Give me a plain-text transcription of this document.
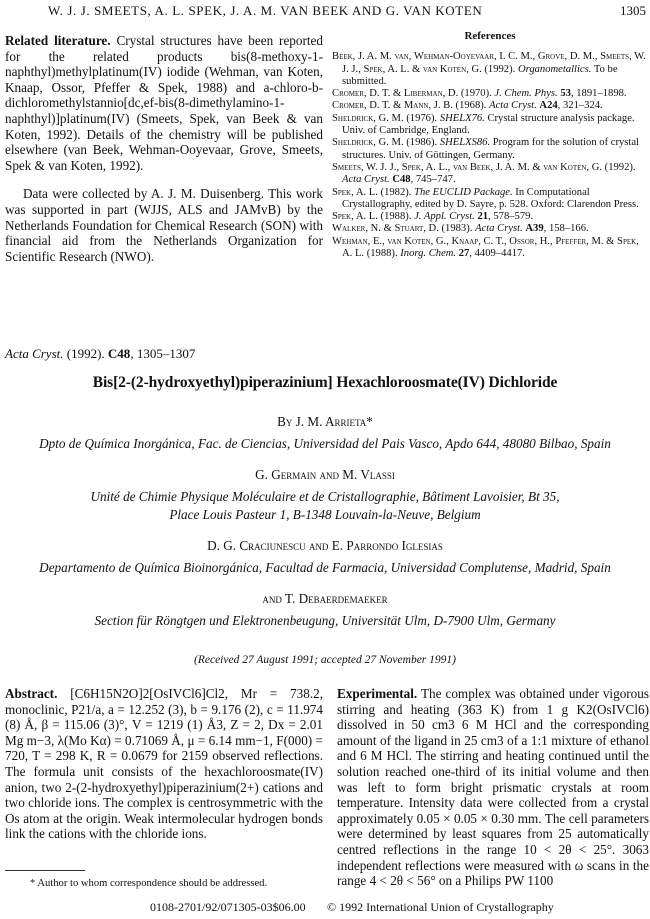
W. J. J. SMEETS, A. L. SPEK, J. A. M. VAN BEEK AND G. VAN KOTEN	1305

Related literature. Crystal structures have been reported for the related products bis(8-methoxy-1-naphthyl)methylplatinum(IV) iodide (Wehman, van Koten, Knaap, Ossor, Pfeffer & Spek, 1988) and a-chloro-b-dichloromethylstannio[dc,ef-bis(8-dimethylamino-1-naphthyl)]platinum(IV) (Smeets, Spek, van Beek & van Koten, 1992). Details of the chemistry will be published elsewhere (van Beek, Wehman-Ooyevaar, Grove, Smeets, Spek & van Koten, 1992).

Data were collected by A. J. M. Duisenberg. This work was supported in part (WJJS, ALS and JAMvB) by the Netherlands Foundation for Chemical Research (SON) with financial aid from the Netherlands Organization for Scientific Research (NWO).

References
Beek, J. A. M. van, Wehman-Ooyevaar, I. C. M., Grove, D. M., Smeets, W. J. J., Spek, A. L. & van Koten, G. (1992). Organometallics. To be submitted.
Cromer, D. T. & Liberman, D. (1970). J. Chem. Phys. 53, 1891–1898.
Cromer, D. T. & Mann, J. B. (1968). Acta Cryst. A24, 321–324.
Sheldrick, G. M. (1976). SHELX76. Crystal structure analysis package. Univ. of Cambridge, England.
Sheldrick, G. M. (1986). SHELXS86. Program for the solution of crystal structures. Univ. of Göttingen, Germany.
Smeets, W. J. J., Spek, A. L., van Beek, J. A. M. & van Koten, G. (1992). Acta Cryst. C48, 745–747.
Spek, A. L. (1982). The EUCLID Package. In Computational Crystallography, edited by D. Sayre, p. 528. Oxford: Clarendon Press.
Spek, A. L. (1988). J. Appl. Cryst. 21, 578–579.
Walker, N. & Stuart, D. (1983). Acta Cryst. A39, 158–166.
Wehman, E., van Koten, G., Knaap, C. T., Ossor, H., Pfeffer, M. & Spek, A. L. (1988). Inorg. Chem. 27, 4409–4417.
Acta Cryst. (1992). C48, 1305–1307
Bis[2-(2-hydroxyethyl)piperazinium] Hexachloroosmate(IV) Dichloride
By J. M. Arrieta*
Dpto de Química Inorgánica, Fac. de Ciencias, Universidad del Pais Vasco, Apdo 644, 48080 Bilbao, Spain
G. Germain and M. Vlassi
Unité de Chimie Physique Moléculaire et de Cristallographie, Bâtiment Lavoisier, Bt 35,
Place Louis Pasteur 1, B-1348 Louvain-la-Neuve, Belgium
D. G. Craciunescu and E. Parrondo Iglesias
Departamento de Química Bioinorgánica, Facultad de Farmacia, Universidad Complutense, Madrid, Spain
and T. Debaerdemaeker
Section für Röngtgen und Elektronenbeugung, Universität Ulm, D-7900 Ulm, Germany
(Received 27 August 1991; accepted 27 November 1991)
Abstract. [C6H15N2O]2[OsIVCl6]Cl2, Mr = 738.2, monoclinic, P21/a, a = 12.252 (3), b = 9.176 (2), c = 11.974 (8) Å, β = 115.06 (3)°, V = 1219 (1) Å3, Z = 2, Dx = 2.01 Mg m−3, λ(Mo Kα) = 0.71069 Å, μ = 6.14 mm−1, F(000) = 720, T = 298 K, R = 0.0679 for 2159 observed reflections. The formula unit consists of the hexachloroosmate(IV) anion, two 2-(2-hydroxyethyl)piperazinium(2+) cations and two chloride ions. The complex is centrosymmetric with the Os atom at the origin. Weak intermolecular hydrogen bonds link the cations with the chloride ions.
Experimental. The complex was obtained under vigorous stirring and heating (363 K) from 1 g K2(OsIVCl6) dissolved in 50 cm3 6 M HCl and the corresponding amount of the ligand in 25 cm3 of a 1:1 mixture of ethanol and 6 M HCl. The stirring and heating continued until the solution reached one-third of its initial volume and then was left to form bright prismatic crystals at room temperature. Intensity data were collected from a crystal approximately 0.05 × 0.05 × 0.30 mm. The cell parameters were determined by least squares from 25 automatically centred reflections in the range 10 < 2θ < 25°. 3063 independent reflections were measured with ω scans in the range 4 < 2θ < 56° on a Philips PW 1100
* Author to whom correspondence should be addressed.
0108-2701/92/071305-03$06.00 © 1992 International Union of Crystallography
